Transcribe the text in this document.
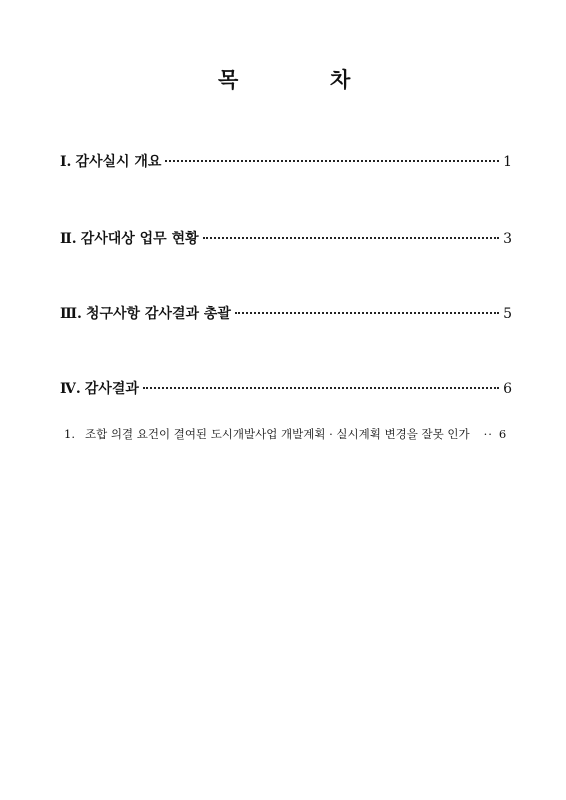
목	차
Ⅰ. 감사실시 개요	1
Ⅱ. 감사대상 업무 현황	3
Ⅲ. 청구사항 감사결과 총괄	5
Ⅳ. 감사결과	6
1. 조합 의결 요건이 결여된 도시개발사업 개발계획 · 실시계획 변경을 잘못 인가 ·· 6
